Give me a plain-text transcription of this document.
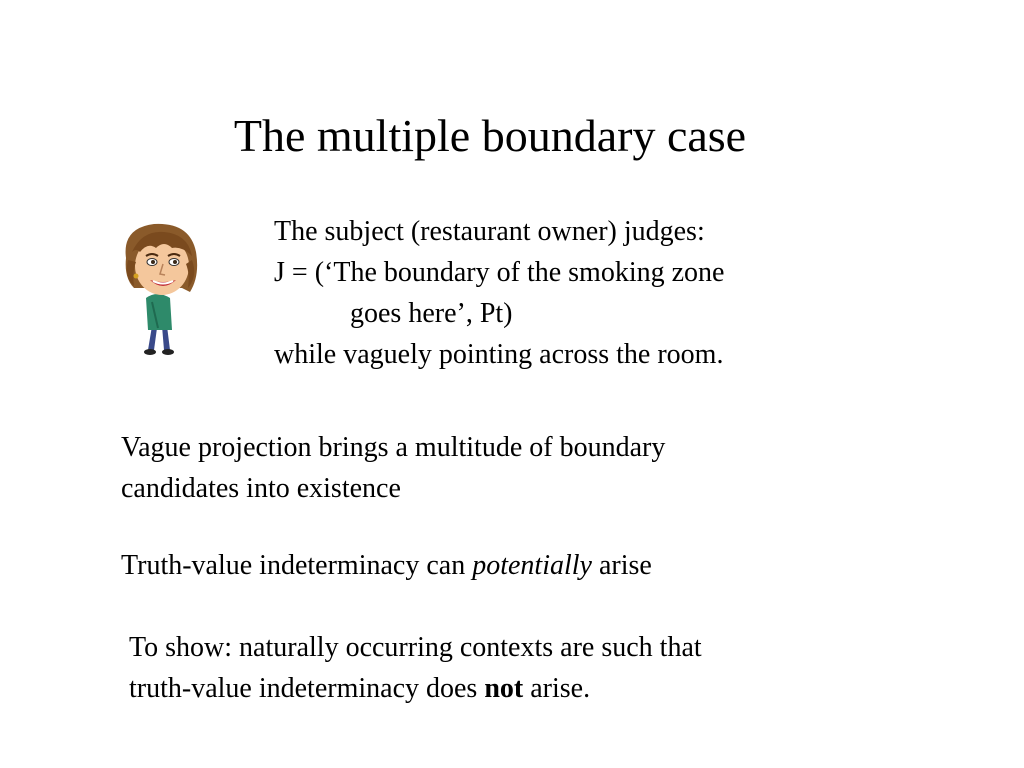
The multiple boundary case
The subject (restaurant owner) judges:
J = (‘The boundary of the smoking zone
goes here’, Pt)
while vaguely pointing across the room.
Vague projection brings a multitude of boundary
candidates into existence
Truth-value indeterminacy can potentially arise
To show: naturally occurring contexts are such that
truth-value indeterminacy does not arise.
